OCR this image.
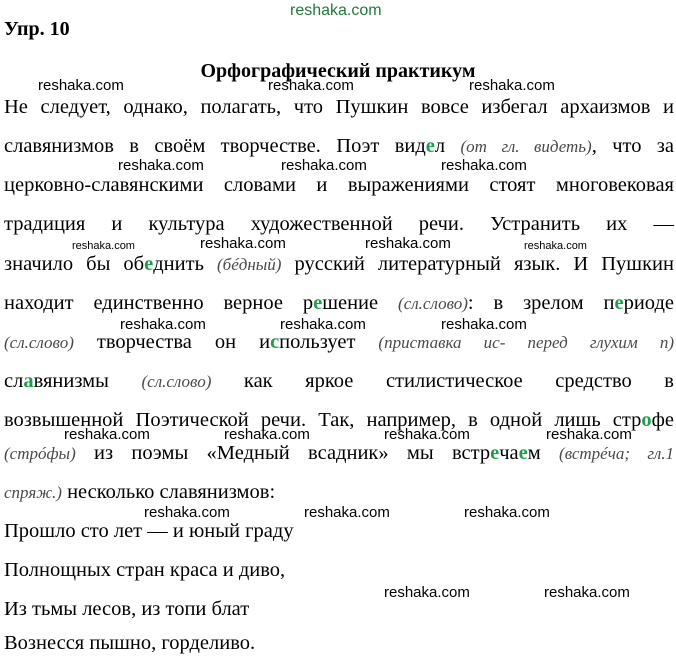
reshaka.com
Упр. 10
Орфографический практикум
reshaka.com	reshaka.com	reshaka.com
Не следует, однако, полагать, что Пушкин вовсе избегал архаизмов и
славянизмов в своём творчестве. Поэт видел (от гл. видеть), что за
reshaka.com	reshaka.com	reshaka.com
церковно-славянскими словами и выражениями стоят многовековая
традиция и культура художественной речи. Устранить их —
reshaka.com	reshaka.com	reshaka.com	reshaka.com
значило бы обеднить (бéдный) русский литературный язык. И Пушкин
находит единственно верное решение (сл.слово): в зрелом периоде
reshaka.com	reshaka.com	reshaka.com
(сл.слово) творчества он использует (приставка ис- перед глухим п)
славянизмы (сл.слово) как яркое стилистическое средство в
возвышенной Поэтической речи. Так, например, в одной лишь строфе
reshaka.com	reshaka.com	reshaka.com	reshaka.com
(стрóфы) из поэмы «Медный всадник» мы встречаем (встрéча; гл.1
спряж.) несколько славянизмов:
reshaka.com	reshaka.com	reshaka.com
Прошло сто лет — и юный граду
Полнощных стран краса и диво,
reshaka.com	reshaka.com
Из тьмы лесов, из топи блат
Вознесся пышно, горделиво.
